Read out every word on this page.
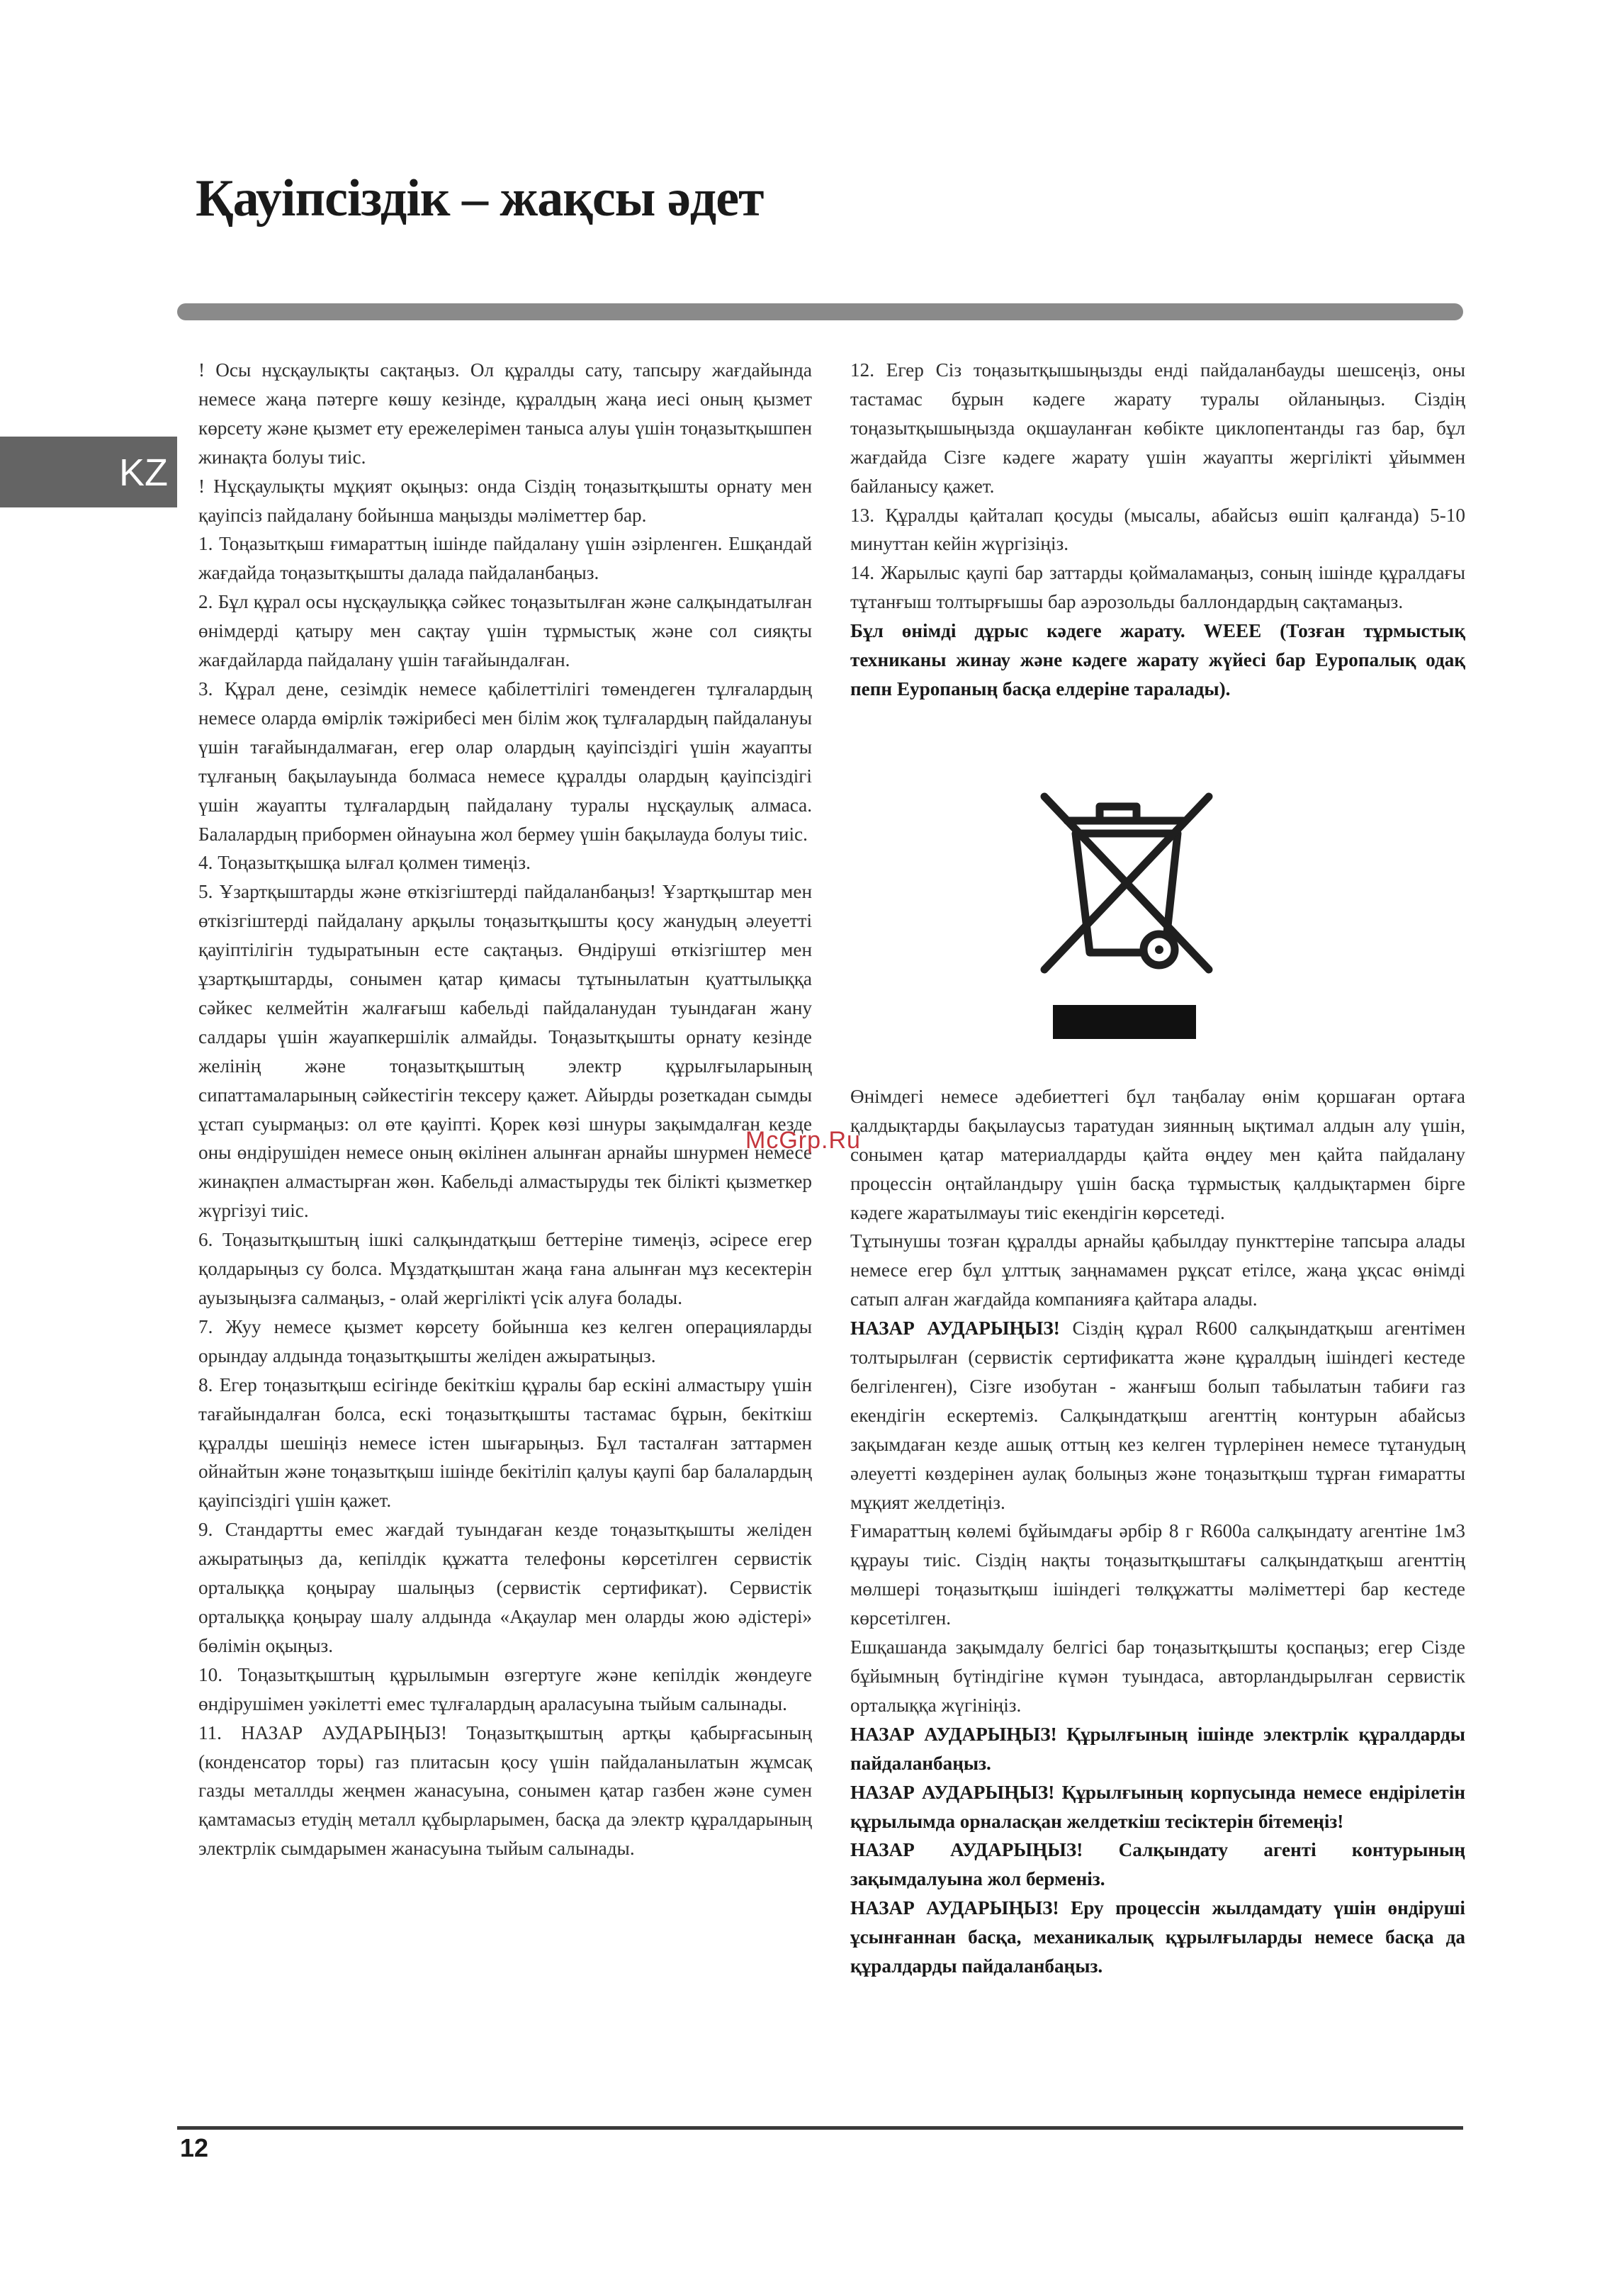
Қауіпсіздік – жақсы әдет
KZ

! Осы нұсқаулықты сақтаңыз. Ол құралды сату, тапсыру жағдайында немесе жаңа пәтерге көшу кезінде, құралдың жаңа иесі оның қызмет көрсету және қызмет ету ережелерімен таныса алуы үшін тоңазытқышпен жинақта болуы тиіс.

! Нұсқаулықты мұқият оқыңыз: онда Сіздің тоңазытқышты орнату мен қауіпсіз пайдалану бойынша маңызды мәліметтер бар.

1. Тоңазытқыш ғимараттың ішінде пайдалану үшін әзірленген. Ешқандай жағдайда тоңазытқышты далада пайдаланбаңыз.

2. Бұл құрал осы нұсқаулыққа сәйкес тоңазытылған және салқындатылған өнімдерді қатыру мен сақтау үшін тұрмыстық және сол сияқты жағдайларда пайдалану үшін тағайындалған.

3. Құрал дене, сезімдік немесе қабілеттілігі төмендеген тұлғалардың немесе оларда өмірлік тәжірибесі мен білім жоқ тұлғалардың пайдалануы үшін тағайындалмаған, егер олар олардың қауіпсіздігі үшін жауапты тұлғаның бақылауында болмаса немесе құралды олардың қауіпсіздігі үшін жауапты тұлғалардың пайдалану туралы нұсқаулық алмаса. Балалардың прибормен ойнауына жол бермеу үшін бақылауда болуы тиіс.

4. Тоңазытқышқа ылғал қолмен тимеңіз.

5. Ұзартқыштарды және өткізгіштерді пайдаланбаңыз! Ұзартқыштар мен өткізгіштерді пайдалану арқылы тоңазытқышты қосу жанудың әлеуетті қауіптілігін тудыратынын есте сақтаңыз. Өндіруші өткізгіштер мен ұзартқыштарды, сонымен қатар қимасы тұтынылатын қуаттылыққа сәйкес келмейтін жалғағыш кабельді пайдаланудан туындаған жану салдары үшін жауапкершілік алмайды. Тоңазытқышты орнату кезінде желінің және тоңазытқыштың электр құрылғыларының сипаттамаларының сәйкестігін тексеру қажет. Айырды розеткадан сымды ұстап суырмаңыз: ол өте қауіпті. Қорек көзі шнуры зақымдалған кезде оны өндірушіден немесе оның өкілінен алынған арнайы шнурмен немесе жинақпен алмастырған жөн. Кабельді алмастыруды тек білікті қызметкер жүргізуі тиіс.

6. Тоңазытқыштың ішкі салқындатқыш беттеріне тимеңіз, әсіресе егер қолдарыңыз су болса. Мұздатқыштан жаңа ғана алынған мұз кесектерін ауызыңызға салмаңыз, - олай жергілікті үсік алуға болады.

7. Жуу немесе қызмет көрсету бойынша кез келген операцияларды орындау алдында тоңазытқышты желіден ажыратыңыз.

8. Егер тоңазытқыш есігінде бекіткіш құралы бар ескіні алмастыру үшін тағайындалған болса, ескі тоңазытқышты тастамас бұрын, бекіткіш құралды шешіңіз немесе істен шығарыңыз. Бұл тасталған заттармен ойнайтын және тоңазытқыш ішінде бекітіліп қалуы қаупі бар балалардың қауіпсіздігі үшін қажет.

9. Стандартты емес жағдай туындаған кезде тоңазытқышты желіден ажыратыңыз да, кепілдік құжатта телефоны көрсетілген сервистік орталыққа қоңырау шалыңыз (сервистік сертификат). Сервистік орталыққа қоңырау шалу алдында «Ақаулар мен оларды жою әдістері» бөлімін оқыңыз.

10. Тоңазытқыштың құрылымын өзгертуге және кепілдік жөндеуге өндірушімен уәкілетті емес тұлғалардың араласуына тыйым салынады.

11. НАЗАР АУДАРЫҢЫЗ! Тоңазытқыштың артқы қабырғасының (конденсатор торы) газ плитасын қосу үшін пайдаланылатын жұмсақ газды металлды жеңмен жанасуына, сонымен қатар газбен және сумен қамтамасыз етудің металл құбырларымен, басқа да электр құралдарының электрлік сымдарымен жанасуына тыйым салынады.

12. Егер Сіз тоңазытқышыңызды енді пайдаланбауды шешсеңіз, оны тастамас бұрын кәдеге жарату туралы ойланыңыз. Сіздің тоңазытқышыңызда оқшауланған көбікте циклопентанды газ бар, бұл жағдайда Сізге кәдеге жарату үшін жауапты жергілікті ұйыммен байланысу қажет.

13. Құралды қайталап қосуды (мысалы, абайсыз өшіп қалғанда) 5-10 минуттан кейін жүргізіңіз.

14. Жарылыс қаупі бар заттарды қоймаламаңыз, соның ішінде құралдағы тұтанғыш толтырғышы бар аэрозольды баллондардың сақтамаңыз.

Бұл өнімді дұрыс кәдеге жарату. WEEE (Тозған тұрмыстық техниканы жинау және кәдеге жарату жүйесі бар Еуропалық одақ пепн Еуропаның басқа елдеріне таралады).

Өнімдегі немесе әдебиеттегі бұл таңбалау өнім қоршаған ортаға қалдықтарды бақылаусыз таратудан зиянның ықтимал алдын алу үшін, сонымен қатар материалдарды қайта өңдеу мен қайта пайдалану процессін оңтайландыру үшін басқа тұрмыстық қалдықтармен бірге кәдеге жаратылмауы тиіс екендігін көрсетеді.

Тұтынушы тозған құралды арнайы қабылдау пункттеріне тапсыра алады немесе егер бұл ұлттық заңнамамен рұқсат етілсе, жаңа ұқсас өнімді сатып алған жағдайда компанияға қайтара алады.

НАЗАР АУДАРЫҢЫЗ! Сіздің құрал R600 салқындатқыш агентімен толтырылған (сервистік сертификатта және құралдың ішіндегі кестеде белгіленген), Сізге изобутан - жанғыш болып табылатын табиғи газ екендігін ескертеміз. Салқындатқыш агенттің контурын абайсыз зақымдаған кезде ашық оттың кез келген түрлерінен немесе тұтанудың әлеуетті көздерінен аулақ болыңыз және тоңазытқыш тұрған ғимаратты мұқият желдетіңіз.

Ғимараттың көлемі бұйымдағы әрбір 8 г R600a салқындату агентіне 1м3 құрауы тиіс. Сіздің нақты тоңазытқыштағы салқындатқыш агенттің мөлшері тоңазытқыш ішіндегі төлқұжатты мәліметтері бар кестеде көрсетілген.

Ешқашанда зақымдалу белгісі бар тоңазытқышты қоспаңыз; егер Сізде бұйымның бүтіндігіне күмән туындаса, авторландырылған сервистік орталыққа жүгініңіз.

НАЗАР АУДАРЫҢЫЗ! Құрылғының ішінде электрлік құралдарды пайдаланбаңыз.

НАЗАР АУДАРЫҢЫЗ! Құрылғының корпусында немесе ендірілетін құрылымда орналасқан желдеткіш тесіктерін бітемеңіз!

НАЗАР АУДАРЫҢЫЗ! Салқындату агенті контурының зақымдалуына жол берменіз.

НАЗАР АУДАРЫҢЫЗ! Еру процессін жылдамдату үшін өндіруші ұсынғаннан басқа, механикалық құрылғыларды немесе басқа да құралдарды пайдаланбаңыз.

McGrp.Ru
12
